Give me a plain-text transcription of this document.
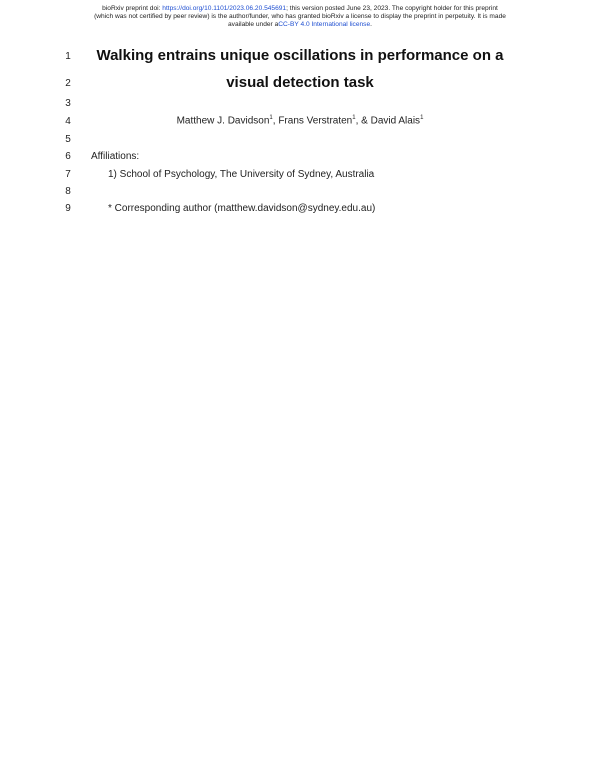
bioRxiv preprint doi: https://doi.org/10.1101/2023.06.20.545691; this version posted June 23, 2023. The copyright holder for this preprint
(which was not certified by peer review) is the author/funder, who has granted bioRxiv a license to display the preprint in perpetuity. It is made
available under aCC-BY 4.0 International license.
1	Walking entrains unique oscillations in performance on a
2	visual detection task
3
4	Matthew J. Davidson$^1$, Frans Verstraten$^1$, & David Alais$^1$
5
6	Affiliations:
7	1) School of Psychology, The University of Sydney, Australia
8
9	* Corresponding author (matthew.davidson@sydney.edu.au)
